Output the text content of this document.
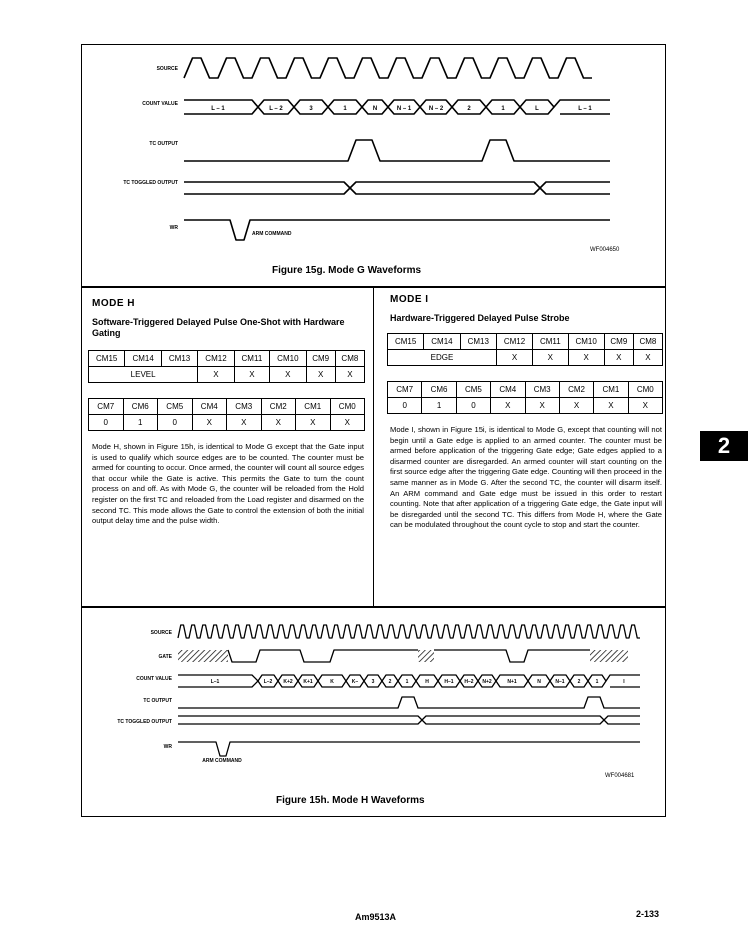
SOURCE
COUNT VALUE
TC OUTPUT
TC TOGGLED OUTPUT
WR
L – 1	L – 2	3	1	N	N – 1	N – 2	2	1	L	L – 1
ARM COMMAND
WF004650
Figure 15g. Mode G Waveforms
MODE H
Software-Triggered Delayed Pulse One-Shot with Hardware Gating
CM15	CM14	CM13	CM12	CM11	CM10	CM9	CM8
LEVEL			X	X	X	X	X
CM7	CM6	CM5	CM4	CM3	CM2	CM1	CM0
0	1	0	X	X	X	X	X
Mode H, shown in Figure 15h, is identical to Mode G except that the Gate input is used to qualify which source edges are to be counted. The counter must be armed for counting to occur. Once armed, the counter will count all source edges that occur while the Gate is active. This permits the Gate to turn the count process on and off. As with Mode G, the counter will be reloaded from the Hold register on the first TC and reloaded from the Load register and disarmed on the second TC. This mode allows the Gate to control the extension of both the initial output delay time and the pulse width.
MODE I
Hardware-Triggered Delayed Pulse Strobe
CM15	CM14	CM13	CM12	CM11	CM10	CM9	CM8
EDGE			X	X	X	X	X
CM7	CM6	CM5	CM4	CM3	CM2	CM1	CM0
0	1	0	X	X	X	X	X
Mode I, shown in Figure 15i, is identical to Mode G, except that counting will not begin until a Gate edge is applied to an armed counter. The counter must be armed before application of the triggering Gate edge; Gate edges applied to a disarmed counter are disregarded. An armed counter will start counting on the first source edge after the triggering Gate edge. Counting will then proceed in the same manner as in Mode G. After the second TC, the counter will disarm itself. An ARM command and Gate edge must be issued in this order to restart counting. Note that after application of a triggering Gate edge, the Gate input will be disregarded until the second TC. This differs from Mode H, where the Gate can be modulated throughout the count cycle to stop and start the counter.
SOURCE
GATE
COUNT VALUE
TC OUTPUT
TC TOGGLED OUTPUT
WR
L–1	L–2 K+2 K+1	K	K–	3	2	1	H	H–1 H–2 N+2	N+1	N	N–1	2	1	I
ARM COMMAND
WF004681
Figure 15h. Mode H Waveforms
2
Am9513A	2-133
